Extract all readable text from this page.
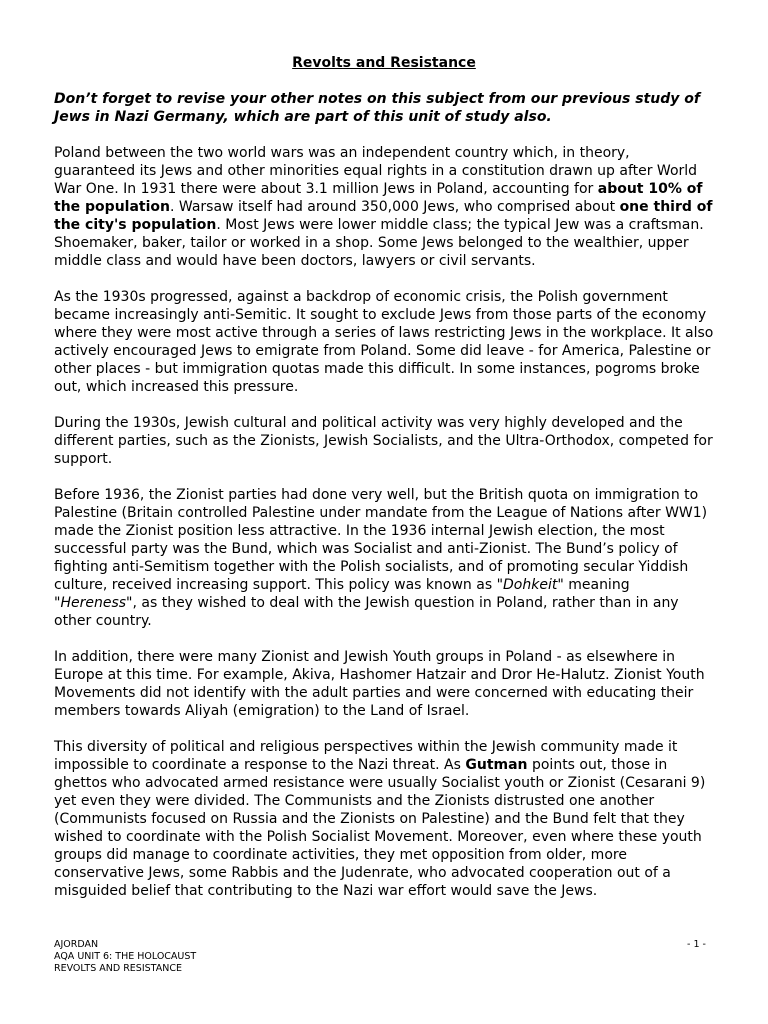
Revolts and Resistance
Don’t forget to revise your other notes on this subject from our previous study of Jews in Nazi Germany, which are part of this unit of study also.

Poland between the two world wars was an independent country which, in theory, guaranteed its Jews and other minorities equal rights in a constitution drawn up after World War One. In 1931 there were about 3.1 million Jews in Poland, accounting for about 10% of the population. Warsaw itself had around 350,000 Jews, who comprised about one third of the city's population. Most Jews were lower middle class; the typical Jew was a craftsman. Shoemaker, baker, tailor or worked in a shop. Some Jews belonged to the wealthier, upper middle class and would have been doctors, lawyers or civil servants.

As the 1930s progressed, against a backdrop of economic crisis, the Polish government became increasingly anti-Semitic. It sought to exclude Jews from those parts of the economy where they were most active through a series of laws restricting Jews in the workplace. It also actively encouraged Jews to emigrate from Poland. Some did leave - for America, Palestine or other places - but immigration quotas made this difficult. In some instances, pogroms broke out, which increased this pressure.

During the 1930s, Jewish cultural and political activity was very highly developed and the different parties, such as the Zionists, Jewish Socialists, and the Ultra-Orthodox, competed for support.

Before 1936, the Zionist parties had done very well, but the British quota on immigration to Palestine (Britain controlled Palestine under mandate from the League of Nations after WW1) made the Zionist position less attractive. In the 1936 internal Jewish election, the most successful party was the Bund, which was Socialist and anti-Zionist. The Bund’s policy of fighting anti-Semitism together with the Polish socialists, and of promoting secular Yiddish culture, received increasing support. This policy was known as "Dohkeit" meaning "Hereness", as they wished to deal with the Jewish question in Poland, rather than in any other country.

In addition, there were many Zionist and Jewish Youth groups in Poland - as elsewhere in Europe at this time. For example, Akiva, Hashomer Hatzair and Dror He-Halutz. Zionist Youth Movements did not identify with the adult parties and were concerned with educating their members towards Aliyah (emigration) to the Land of Israel.

This diversity of political and religious perspectives within the Jewish community made it impossible to coordinate a response to the Nazi threat. As Gutman points out, those in ghettos who advocated armed resistance were usually Socialist youth or Zionist (Cesarani 9) yet even they were divided. The Communists and the Zionists distrusted one another (Communists focused on Russia and the Zionists on Palestine) and the Bund felt that they wished to coordinate with the Polish Socialist Movement. Moreover, even where these youth groups did manage to coordinate activities, they met opposition from older, more conservative Jews, some Rabbis and the Judenrate, who advocated cooperation out of a misguided belief that contributing to the Nazi war effort would save the Jews.

AJORDAN
AQA UNIT 6: THE HOLOCAUST
REVOLTS AND RESISTANCE
- 1 -
